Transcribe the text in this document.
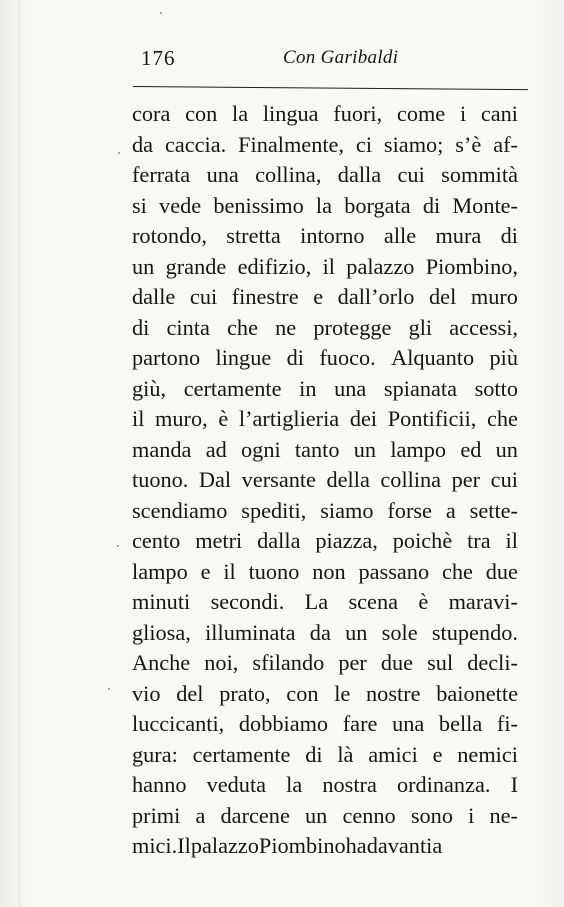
176	Con Garibaldi
cora con la lingua fuori, come i cani
da caccia. Finalmente, ci siamo; s’è af-
ferrata una collina, dalla cui sommità
si vede benissimo la borgata di Monte-
rotondo, stretta intorno alle mura di
un grande edifizio, il palazzo Piombino,
dalle cui finestre e dall’orlo del muro
di cinta che ne protegge gli accessi,
partono lingue di fuoco. Alquanto più
giù, certamente in una spianata sotto
il muro, è l’artiglieria dei Pontificii, che
manda ad ogni tanto un lampo ed un
tuono. Dal versante della collina per cui
scendiamo spediti, siamo forse a sette-
cento metri dalla piazza, poichè tra il
lampo e il tuono non passano che due
minuti secondi. La scena è maravi-
gliosa, illuminata da un sole stupendo.
Anche noi, sfilando per due sul decli-
vio del prato, con le nostre baionette
luccicanti, dobbiamo fare una bella fi-
gura: certamente di là amici e nemici
hanno veduta la nostra ordinanza. I
primi a darcene un cenno sono i ne-
mici. Il palazzo Piombino ha davanti a
